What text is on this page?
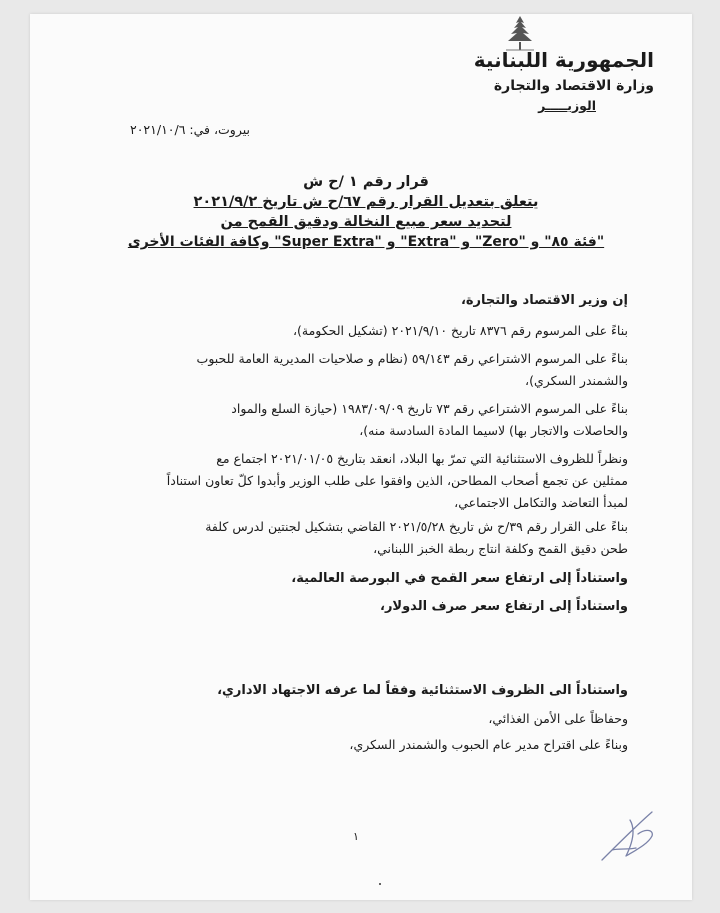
الجمهورية اللبنانية
وزارة الاقتصاد والتجارة
الوزيـــــر
بيروت، في: ٢٠٢١/١٠/٦
قرار رقم ١ /ح ش
يتعلق بتعديل القرار رقم ٦٧/ح ش تاريخ ٢٠٢١/٩/٢
لتحديد سعر مبيع النخالة ودقيق القمح من
"فئة ٨٥" و "Zero" و "Extra" و "Super Extra" وكافة الفئات الأخرى
إن وزير الاقتصاد والتجارة،
بناءً على المرسوم رقم ٨٣٧٦ تاريخ ٢٠٢١/٩/١٠ (تشكيل الحكومة)،
بناءً على المرسوم الاشتراعي رقم ٥٩/١٤٣ (نظام و صلاحيات المديرية العامة للحبوب
والشمندر السكري)،
بناءً على المرسوم الاشتراعي رقم ٧٣ تاريخ ١٩٨٣/٠٩/٠٩ (حيازة السلع والمواد
والحاصلات والاتجار بها) لاسيما المادة السادسة منه)،
ونظراً للظروف الاستثنائية التي تمرّ بها البلاد، انعقد بتاريخ ٢٠٢١/٠١/٠٥ اجتماع مع
ممثلين عن تجمع أصحاب المطاحن، الذين وافقوا على طلب الوزير وأبدوا كلّ تعاون استناداً
لمبدأ التعاضد والتكامل الاجتماعي،
بناءً على القرار رقم ٣٩/ح ش تاريخ ٢٠٢١/٥/٢٨ القاضي بتشكيل لجنتين لدرس كلفة
طحن دقيق القمح وكلفة انتاج ربطة الخبز اللبناني،
واستناداً إلى ارتفاع سعر القمح في البورصة العالمية،
واستناداً إلى ارتفاع سعر صرف الدولار،
واستناداً الى الظروف الاستثنائية وفقاً لما عرفه الاجتهاد الاداري،
وحفاظاً على الأمن الغذائي،
وبناءً على اقتراح مدير عام الحبوب والشمندر السكري،
١
